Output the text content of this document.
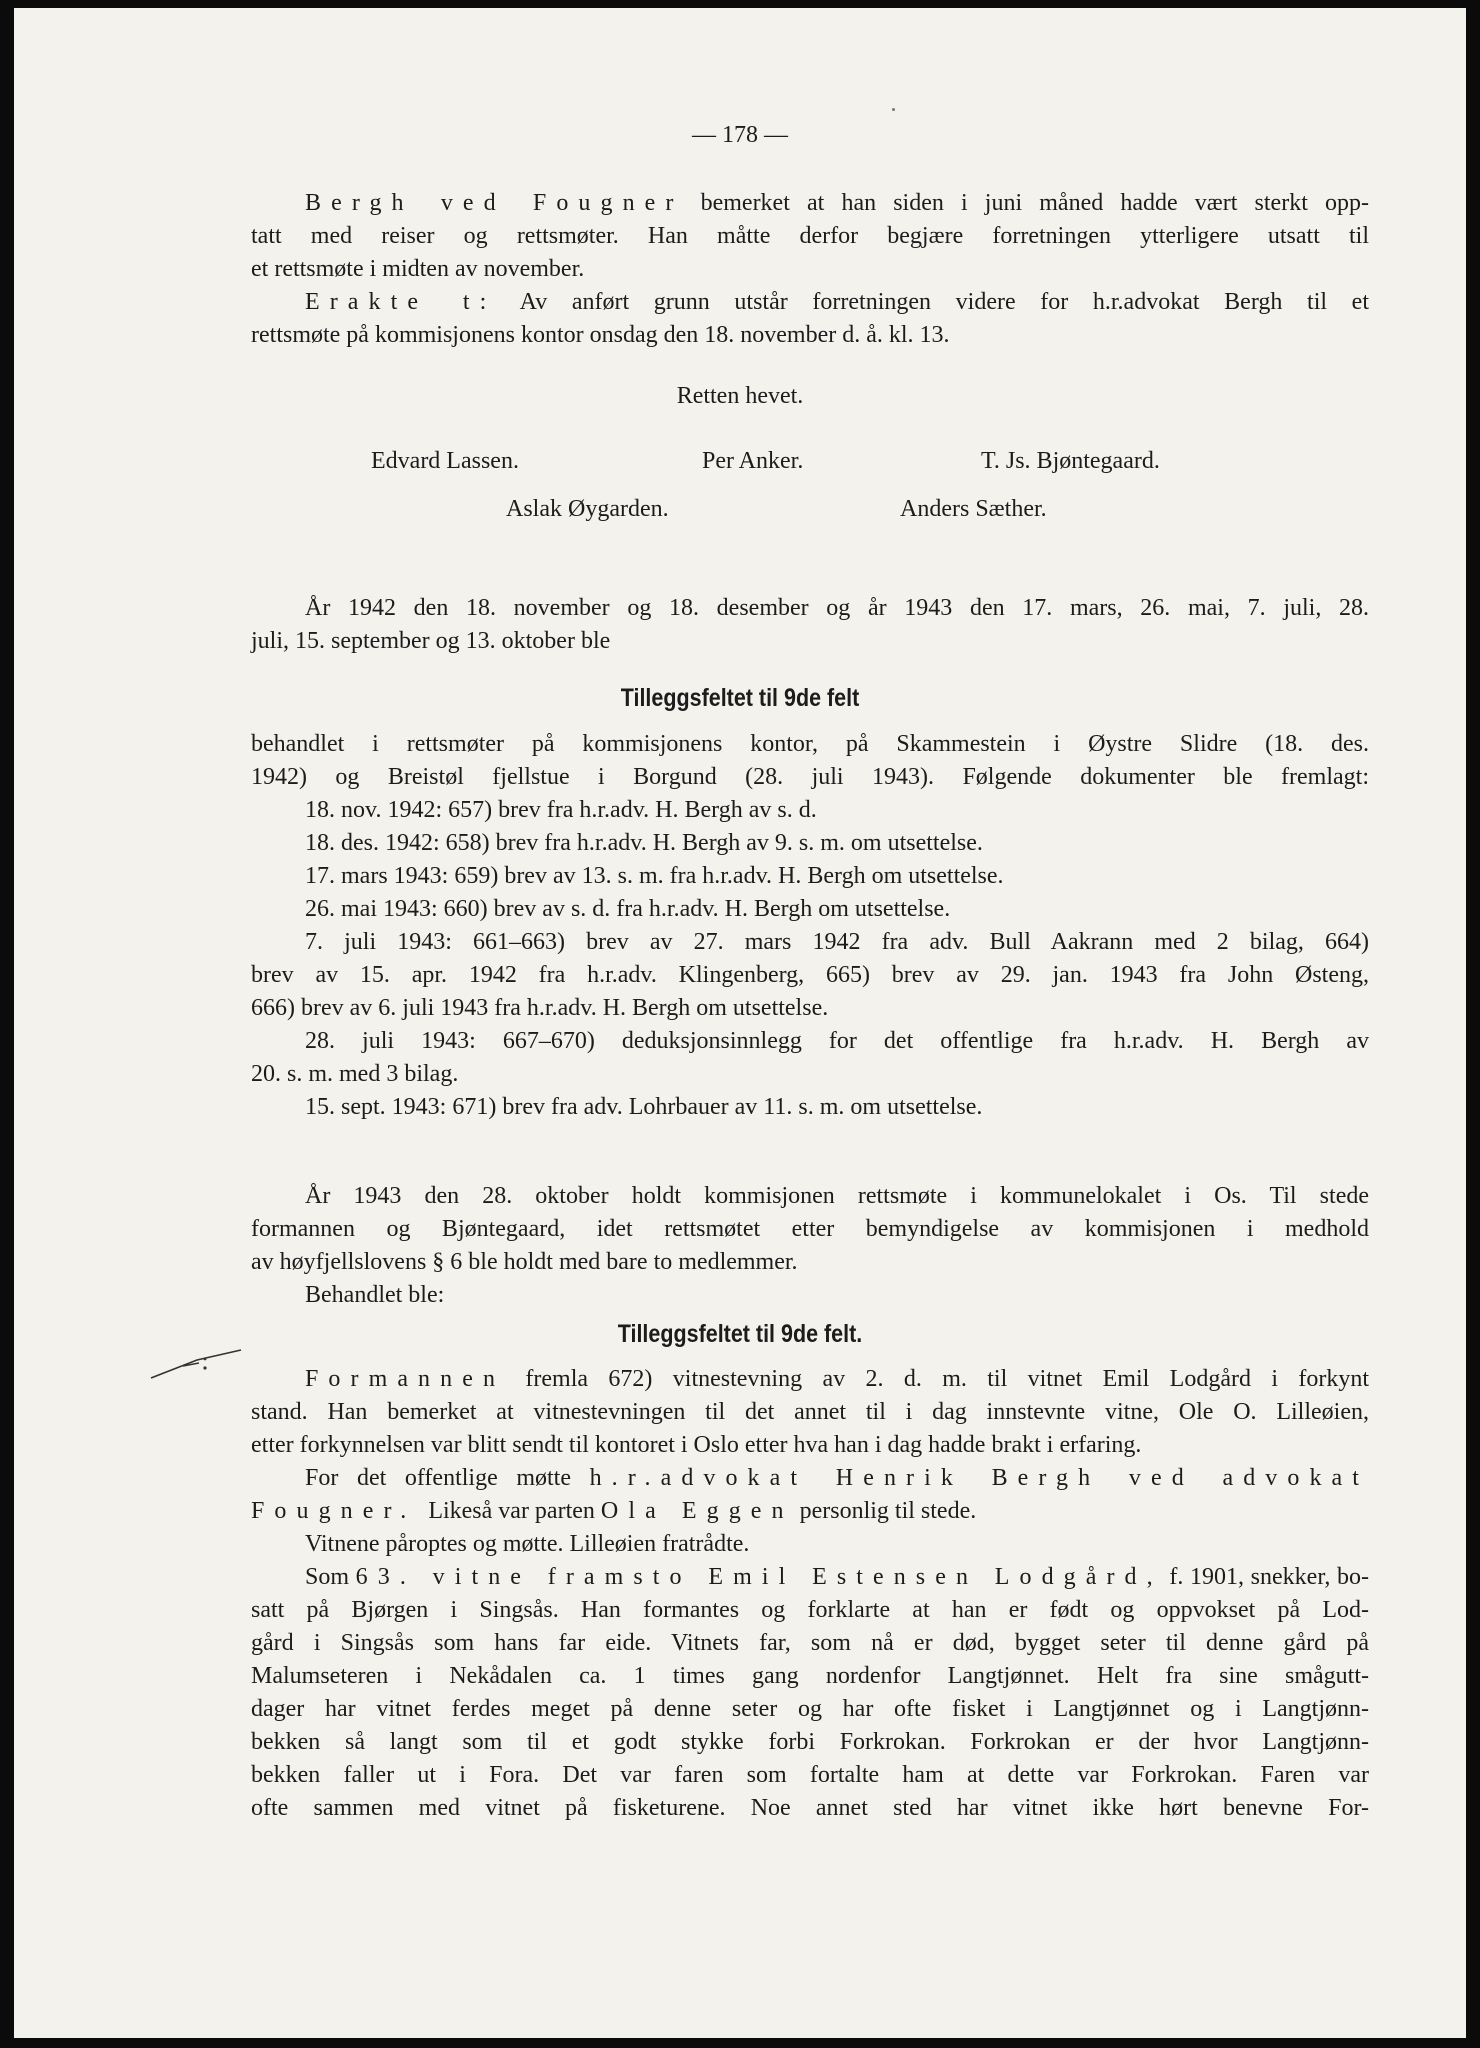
— 178 —
Bergh ved Fougner bemerket at han siden i juni måned hadde vært sterkt opp-
tatt med reiser og rettsmøter. Han måtte derfor begjære forretningen ytterligere utsatt til
et rettsmøte i midten av november.
Erakte t: Av anført grunn utstår forretningen videre for h.r.advokat Bergh til et
rettsmøte på kommisjonens kontor onsdag den 18. november d. å. kl. 13.
Retten hevet.
Edvard Lassen.	Per Anker.	T. Js. Bjøntegaard.
Aslak Øygarden.	Anders Sæther.
År 1942 den 18. november og 18. desember og år 1943 den 17. mars, 26. mai, 7. juli, 28.
juli, 15. september og 13. oktober ble
Tilleggsfeltet til 9de felt
behandlet i rettsmøter på kommisjonens kontor, på Skammestein i Øystre Slidre (18. des.
1942) og Breistøl fjellstue i Borgund (28. juli 1943). Følgende dokumenter ble fremlagt:
18. nov. 1942: 657) brev fra h.r.adv. H. Bergh av s. d.
18. des. 1942: 658) brev fra h.r.adv. H. Bergh av 9. s. m. om utsettelse.
17. mars 1943: 659) brev av 13. s. m. fra h.r.adv. H. Bergh om utsettelse.
26. mai 1943: 660) brev av s. d. fra h.r.adv. H. Bergh om utsettelse.
7. juli 1943: 661–663) brev av 27. mars 1942 fra adv. Bull Aakrann med 2 bilag, 664)
brev av 15. apr. 1942 fra h.r.adv. Klingenberg, 665) brev av 29. jan. 1943 fra John Østeng,
666) brev av 6. juli 1943 fra h.r.adv. H. Bergh om utsettelse.
28. juli 1943: 667–670) deduksjonsinnlegg for det offentlige fra h.r.adv. H. Bergh av
20. s. m. med 3 bilag.
15. sept. 1943: 671) brev fra adv. Lohrbauer av 11. s. m. om utsettelse.
År 1943 den 28. oktober holdt kommisjonen rettsmøte i kommunelokalet i Os. Til stede
formannen og Bjøntegaard, idet rettsmøtet etter bemyndigelse av kommisjonen i medhold
av høyfjellslovens § 6 ble holdt med bare to medlemmer.
Behandlet ble:
Tilleggsfeltet til 9de felt.
Formannen fremla 672) vitnestevning av 2. d. m. til vitnet Emil Lodgård i forkynt
stand. Han bemerket at vitnestevningen til det annet til i dag innstevnte vitne, Ole O. Lilleøien,
etter forkynnelsen var blitt sendt til kontoret i Oslo etter hva han i dag hadde brakt i erfaring.
For det offentlige møtte h.r.advokat Henrik Bergh ved advokat
Fougner. Likeså var parten Ola Eggen personlig til stede.
Vitnene påroptes og møtte. Lilleøien fratrådte.
Som 63. vitne framsto Emil Estensen Lodgård, f. 1901, snekker, bo-
satt på Bjørgen i Singsås. Han formantes og forklarte at han er født og oppvokset på Lod-
gård i Singsås som hans far eide. Vitnets far, som nå er død, bygget seter til denne gård på
Malumseteren i Nekådalen ca. 1 times gang nordenfor Langtjønnet. Helt fra sine smågutt-
dager har vitnet ferdes meget på denne seter og har ofte fisket i Langtjønnet og i Langtjønn-
bekken så langt som til et godt stykke forbi Forkrokan. Forkrokan er der hvor Langtjønn-
bekken faller ut i Fora. Det var faren som fortalte ham at dette var Forkrokan. Faren var
ofte sammen med vitnet på fisketurene. Noe annet sted har vitnet ikke hørt benevne For-
